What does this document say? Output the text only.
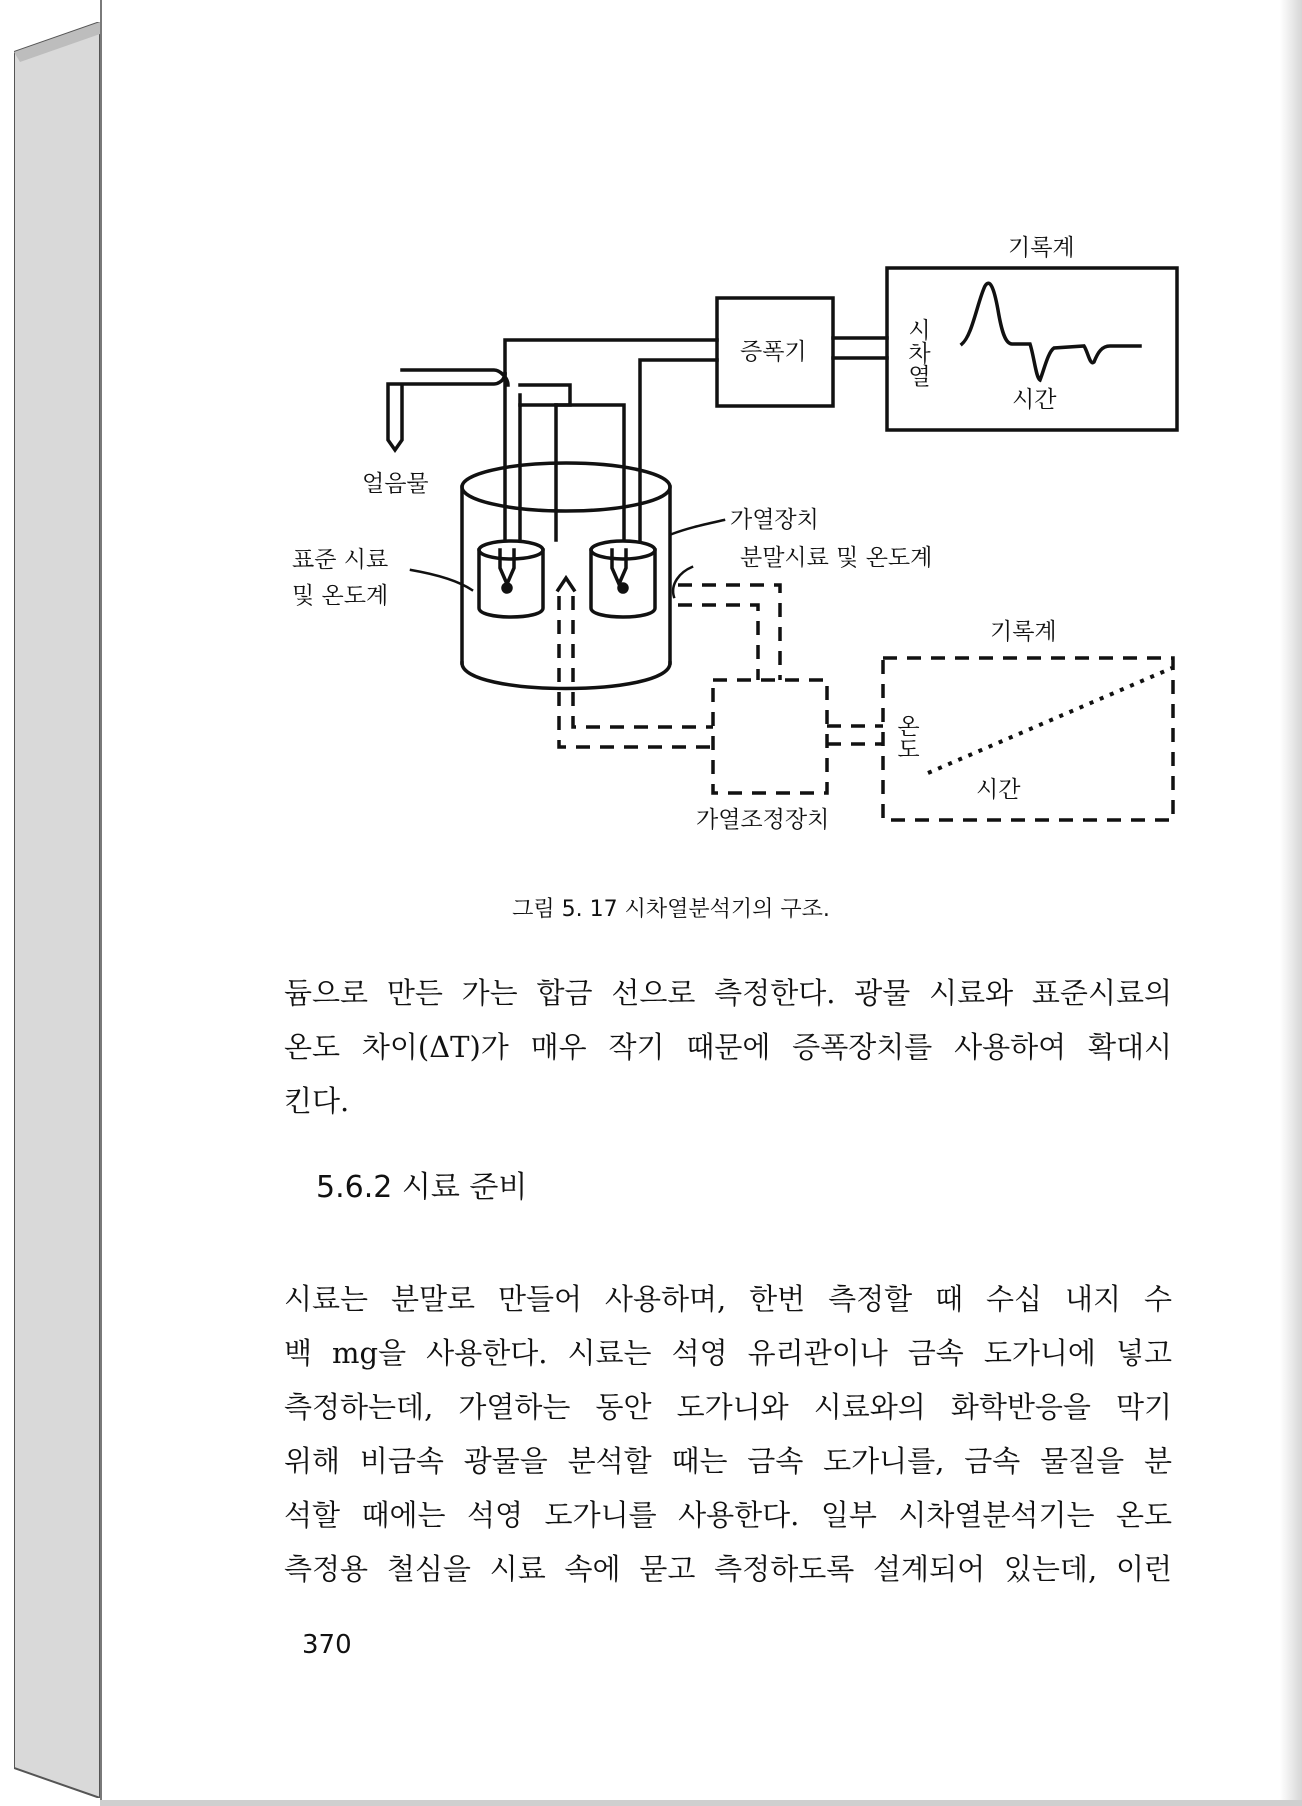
기록계
증폭기	시차열
시간
얼음물
가열장치
분말시료 및 온도계
표준 시료
및 온도계
기록계
온도
시간
가열조정장치
그림 5. 17 시차열분석기의 구조.
듐으로 만든 가는 합금 선으로 측정한다. 광물 시료와 표준시료의
온도 차이(ΔT)가 매우 작기 때문에 증폭장치를 사용하여 확대시
킨다.
5.6.2 시료 준비
시료는 분말로 만들어 사용하며, 한번 측정할 때 수십 내지 수
백 mg을 사용한다. 시료는 석영 유리관이나 금속 도가니에 넣고
측정하는데, 가열하는 동안 도가니와 시료와의 화학반응을 막기
위해 비금속 광물을 분석할 때는 금속 도가니를, 금속 물질을 분
석할 때에는 석영 도가니를 사용한다. 일부 시차열분석기는 온도
측정용 철심을 시료 속에 묻고 측정하도록 설계되어 있는데, 이런
370
